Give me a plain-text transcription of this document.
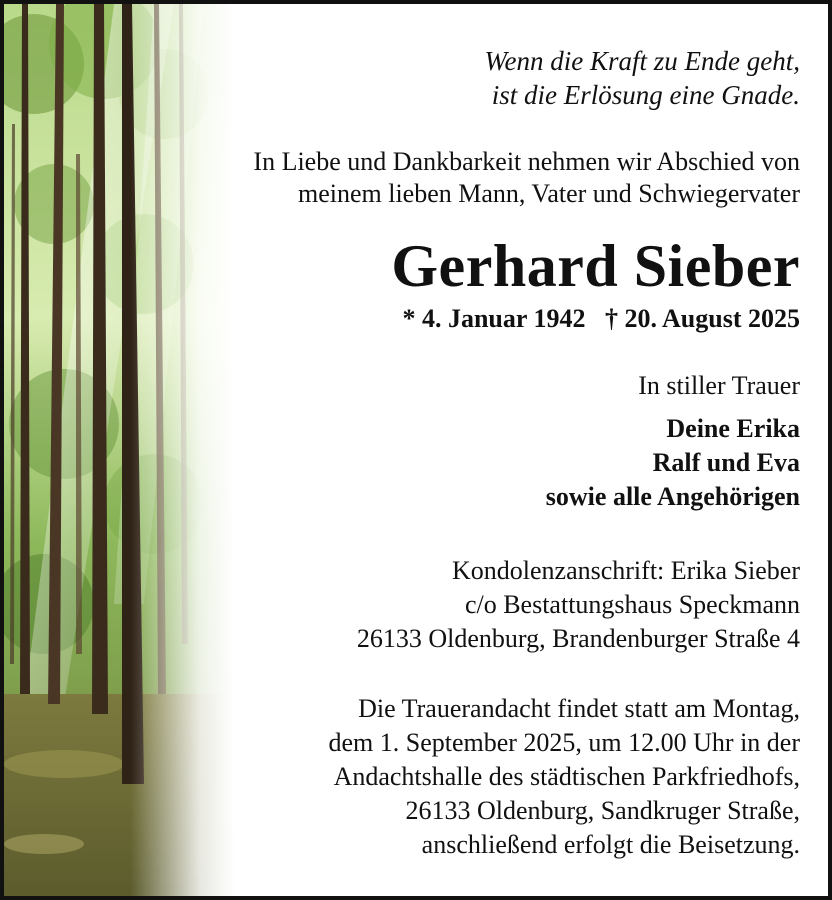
Wenn die Kraft zu Ende geht,
ist die Erlösung eine Gnade.

In Liebe und Dankbarkeit nehmen wir Abschied von
meinem lieben Mann, Vater und Schwiegervater

Gerhard Sieber

* 4. Januar 1942   † 20. August 2025

In stiller Trauer

Deine Erika
Ralf und Eva
sowie alle Angehörigen

Kondolenzanschrift: Erika Sieber
c/o Bestattungshaus Speckmann
26133 Oldenburg, Brandenburger Straße 4

Die Trauerandacht findet statt am Montag,
dem 1. September 2025, um 12.00 Uhr in der
Andachtshalle des städtischen Parkfriedhofs,
26133 Oldenburg, Sandkruger Straße,
anschließend erfolgt die Beisetzung.
